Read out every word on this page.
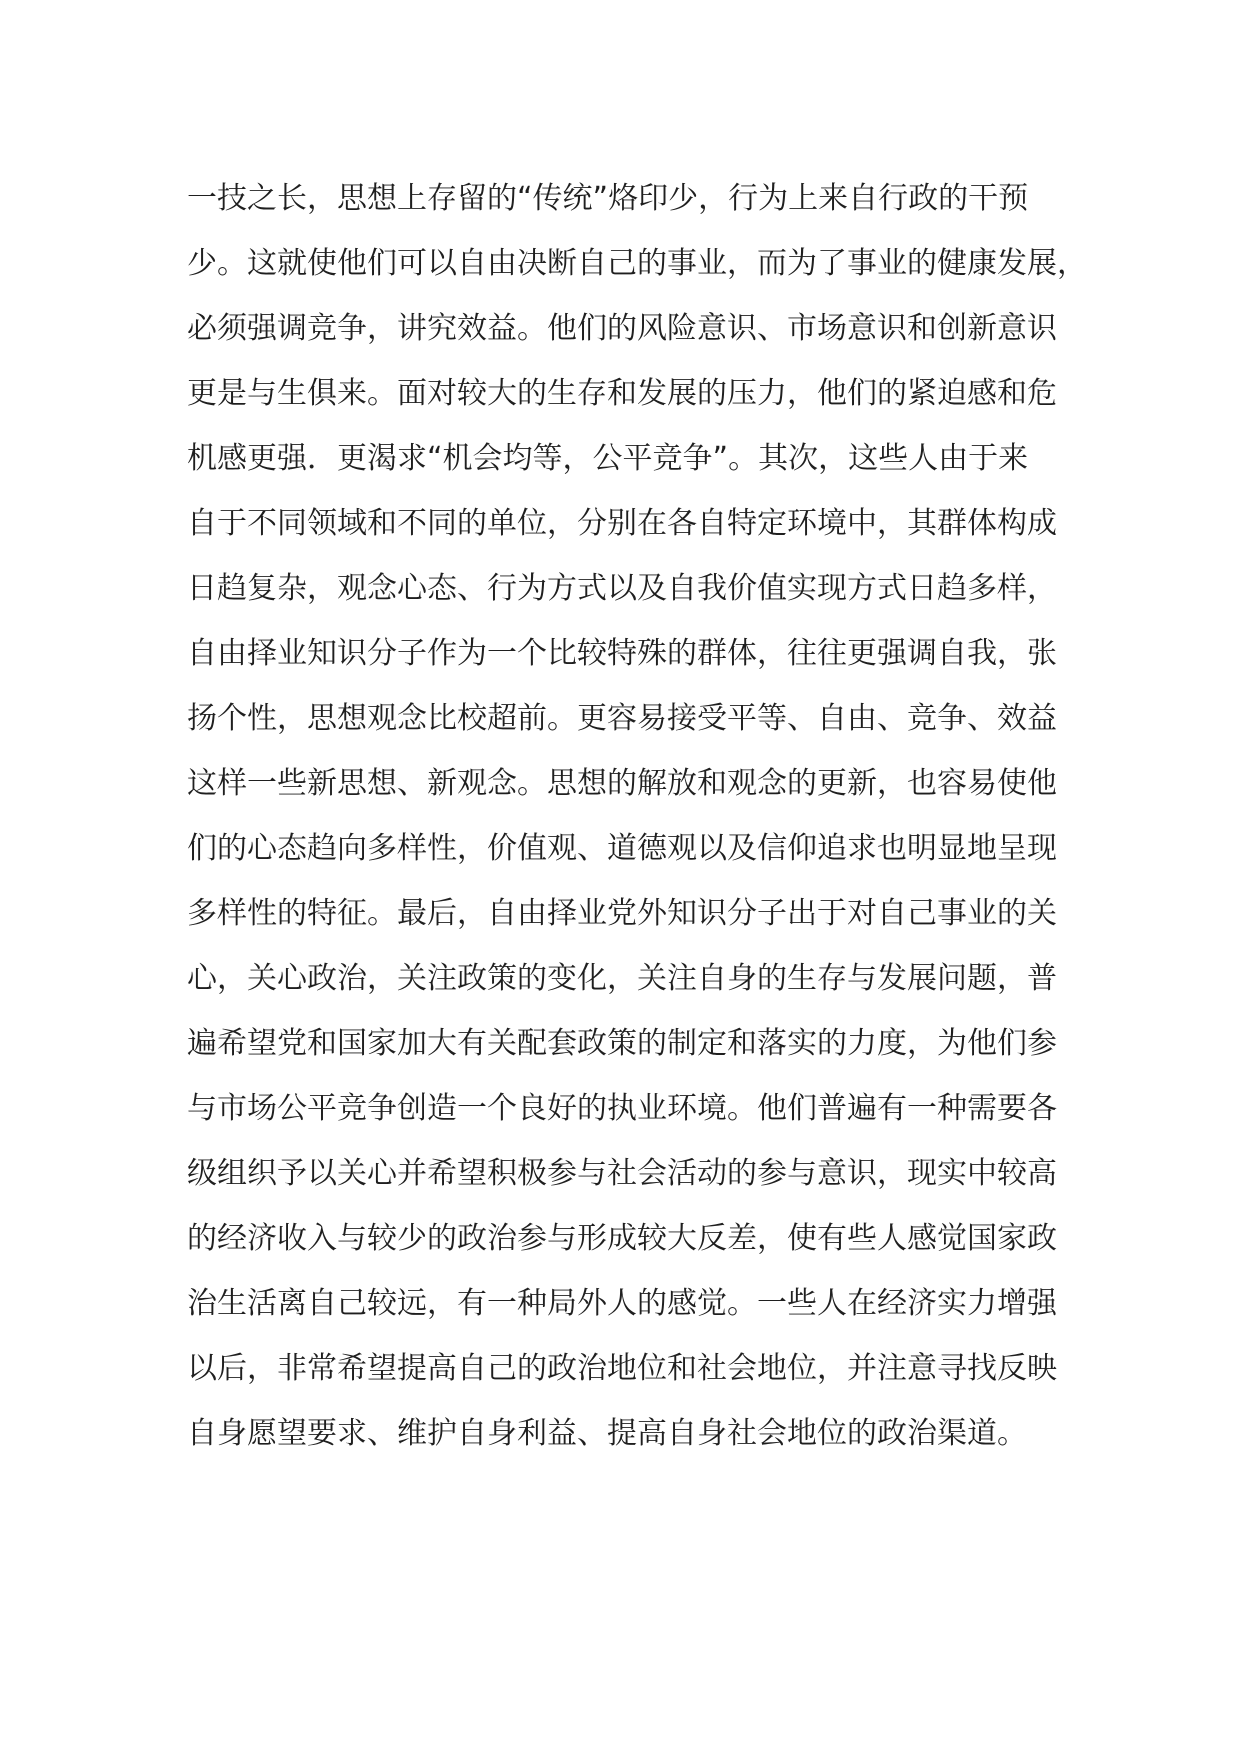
一技之长，思想上存留的“传统”烙印少，行为上来自行政的干预
少。这就使他们可以自由决断自己的事业，而为了事业的健康发展，
必须强调竞争，讲究效益。他们的风险意识、市场意识和创新意识
更是与生俱来。面对较大的生存和发展的压力，他们的紧迫感和危
机感更强．更渴求“机会均等，公平竞争”。其次，这些人由于来
自于不同领域和不同的单位，分别在各自特定环境中，其群体构成
日趋复杂，观念心态、行为方式以及自我价值实现方式日趋多样，
自由择业知识分子作为一个比较特殊的群体，往往更强调自我，张
扬个性，思想观念比校超前。更容易接受平等、自由、竞争、效益
这样一些新思想、新观念。思想的解放和观念的更新，也容易使他
们的心态趋向多样性，价值观、道德观以及信仰追求也明显地呈现
多样性的特征。最后，自由择业党外知识分子出于对自己事业的关
心，关心政治，关注政策的变化，关注自身的生存与发展问题，普
遍希望党和国家加大有关配套政策的制定和落实的力度，为他们参
与市场公平竞争创造一个良好的执业环境。他们普遍有一种需要各
级组织予以关心并希望积极参与社会活动的参与意识，现实中较高
的经济收入与较少的政治参与形成较大反差，使有些人感觉国家政
治生活离自己较远，有一种局外人的感觉。一些人在经济实力增强
以后，非常希望提高自己的政治地位和社会地位，并注意寻找反映
自身愿望要求、维护自身利益、提高自身社会地位的政治渠道。
